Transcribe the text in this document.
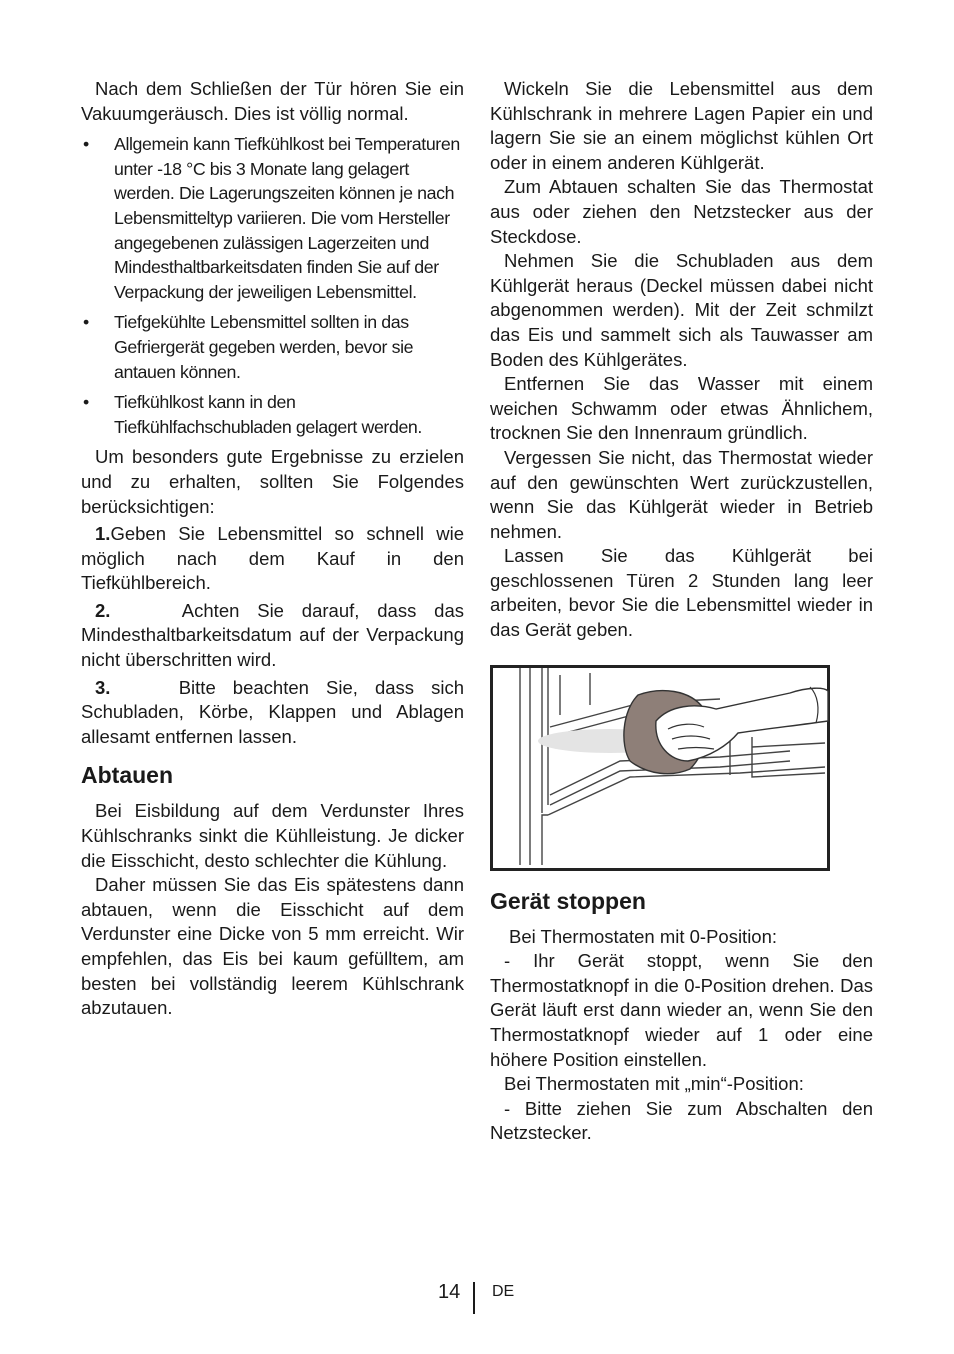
Nach dem Schließen der Tür hören Sie ein Vakuumgeräusch. Dies ist völlig normal.

• Allgemein kann Tiefkühlkost bei Temperaturen unter -18 °C bis 3 Monate lang gelagert werden. Die Lagerungszeiten können je nach Lebensmitteltyp variieren. Die vom Hersteller angegebenen zulässigen Lagerzeiten und Mindesthaltbarkeitsdaten finden Sie auf der Verpackung der jeweiligen Lebensmittel.
• Tiefgekühlte Lebensmittel sollten in das Gefriergerät gegeben werden, bevor sie antauen können.
• Tiefkühlkost kann in den Tiefkühlfachschubladen gelagert werden.

Um besonders gute Ergebnisse zu erzielen und zu erhalten, sollten Sie Folgendes berücksichtigen:

1.Geben Sie Lebensmittel so schnell wie möglich nach dem Kauf in den Tiefkühlbereich.

2.	Achten Sie darauf, dass das Mindesthaltbarkeitsdatum auf der Verpackung nicht überschritten wird.

3.	Bitte beachten Sie, dass sich Schubladen, Körbe, Klappen und Ablagen allesamt entfernen lassen.

Abtauen

Bei Eisbildung auf dem Verdunster Ihres Kühlschranks sinkt die Kühlleistung. Je dicker die Eisschicht, desto schlechter die Kühlung.

Daher müssen Sie das Eis spätestens dann abtauen, wenn die Eisschicht auf dem Verdunster eine Dicke von 5 mm erreicht. Wir empfehlen, das Eis bei kaum gefülltem, am besten bei vollständig leerem Kühlschrank abzutauen.

Wickeln Sie die Lebensmittel aus dem Kühlschrank in mehrere Lagen Papier ein und lagern Sie sie an einem möglichst kühlen Ort oder in einem anderen Kühlgerät.

Zum Abtauen schalten Sie das Thermostat aus oder ziehen den Netzstecker aus der Steckdose.

Nehmen Sie die Schubladen aus dem Kühlgerät heraus (Deckel müssen dabei nicht abgenommen werden). Mit der Zeit schmilzt das Eis und sammelt sich als Tauwasser am Boden des Kühlgerätes.

Entfernen Sie das Wasser mit einem weichen Schwamm oder etwas Ähnlichem, trocknen Sie den Innenraum gründlich.

Vergessen Sie nicht, das Thermostat wieder auf den gewünschten Wert zurückzustellen, wenn Sie das Kühlgerät wieder in Betrieb nehmen.

Lassen Sie das Kühlgerät bei geschlossenen Türen 2 Stunden lang leer arbeiten, bevor Sie die Lebensmittel wieder in das Gerät geben.

Gerät stoppen

Bei Thermostaten mit 0-Position:

- Ihr Gerät stoppt, wenn Sie den Thermostatknopf in die 0-Position drehen. Das Gerät läuft erst dann wieder an, wenn Sie den Thermostatknopf wieder auf 1 oder eine höhere Position einstellen.

Bei Thermostaten mit „min“-Position:

- Bitte ziehen Sie zum Abschalten den Netzstecker.

14 DE
